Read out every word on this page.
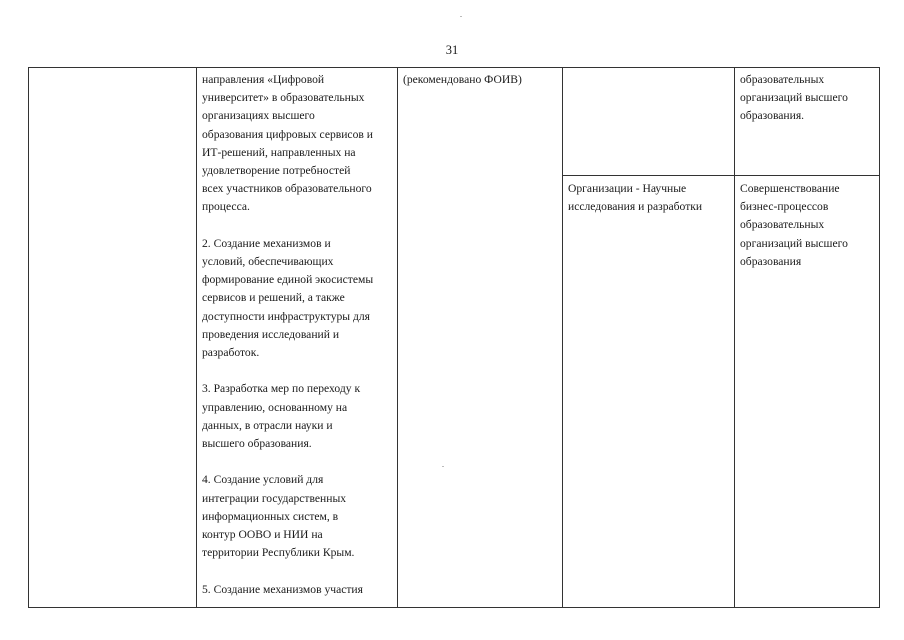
31
направления «Цифровой
университет» в образовательных
организациях высшего
образования цифровых сервисов и
ИТ-решений, направленных на
удовлетворение потребностей
всех участников образовательного
процесса.

2. Создание механизмов и
условий, обеспечивающих
формирование единой экосистемы
сервисов и решений, а также
доступности инфраструктуры для
проведения исследований и
разработок.

3. Разработка мер по переходу к
управлению, основанному на
данных, в отрасли науки и
высшего образования.

4. Создание условий для
интеграции государственных
информационных систем, в
контур ООВО и НИИ на
территории Республики Крым.

5. Создание механизмов участия
(рекомендовано ФОИВ)
Организации - Научные
исследования и разработки
образовательных
организаций высшего
образования.
Совершенствование
бизнес-процессов
образовательных
организаций высшего
образования
